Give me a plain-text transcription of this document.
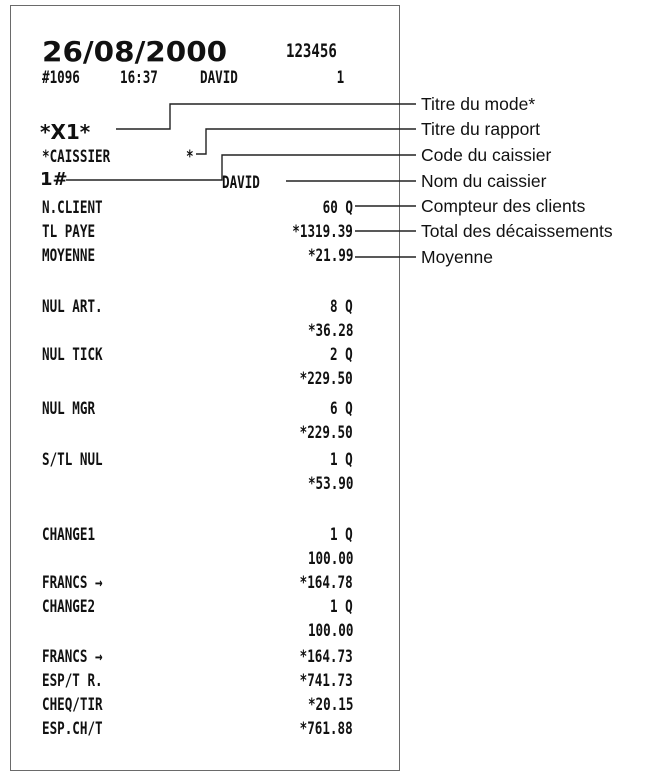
26/08/2000	123456
#1096 16:37 DAVID	1
*X1*
*CAISSIER	*
1#	DAVID
N.CLIENT	60 Q
TL PAYE	*1319.39
MOYENNE	*21.99
NUL ART.	8 Q
*36.28
NUL TICK	2 Q
*229.50
NUL MGR	6 Q
*229.50
S/TL NUL	1 Q
*53.90
CHANGE1	1 Q
100.00
FRANCS →	*164.78
CHANGE2	1 Q
100.00
FRANCS →	*164.73
ESP/T R.	*741.73
CHEQ/TIR	*20.15
ESP.CH/T	*761.88
Titre du mode*
Titre du rapport
Code du caissier
Nom du caissier
Compteur des clients
Total des décaissements
Moyenne
